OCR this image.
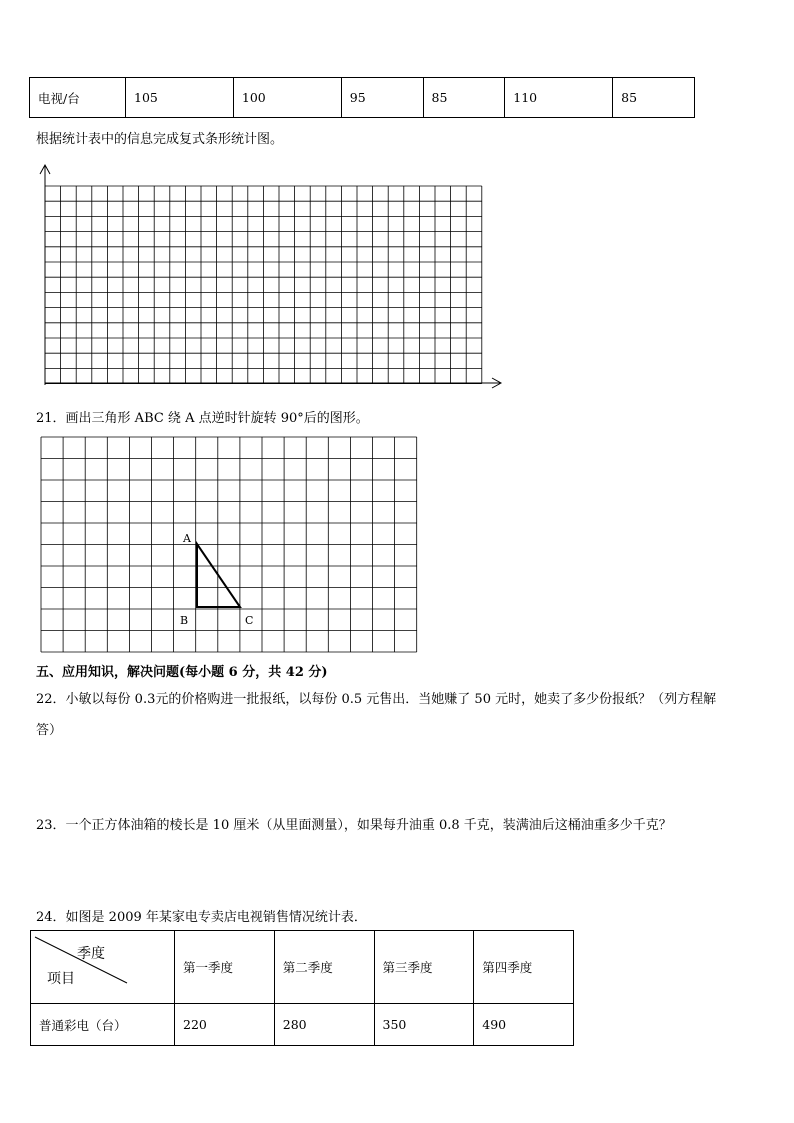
电视/台	105	100	95	85	110	85
根据统计表中的信息完成复式条形统计图。
21．画出三角形 ABC 绕 A 点逆时针旋转 90°后的图形。
A
B	C
五、应用知识，解决问题(每小题 6 分，共 42 分)
22．小敏以每份 0.3元的价格购进一批报纸，以每份 0.5 元售出．当她赚了 50 元时，她卖了多少份报纸？（列方程解
答）
23．一个正方体油箱的棱长是 10 厘米（从里面测量），如果每升油重 0.8 千克，装满油后这桶油重多少千克？
24．如图是 2009 年某家电专卖店电视销售情况统计表．
季度
项目	第一季度	第二季度	第三季度	第四季度
普通彩电（台）	220	280	350	490
